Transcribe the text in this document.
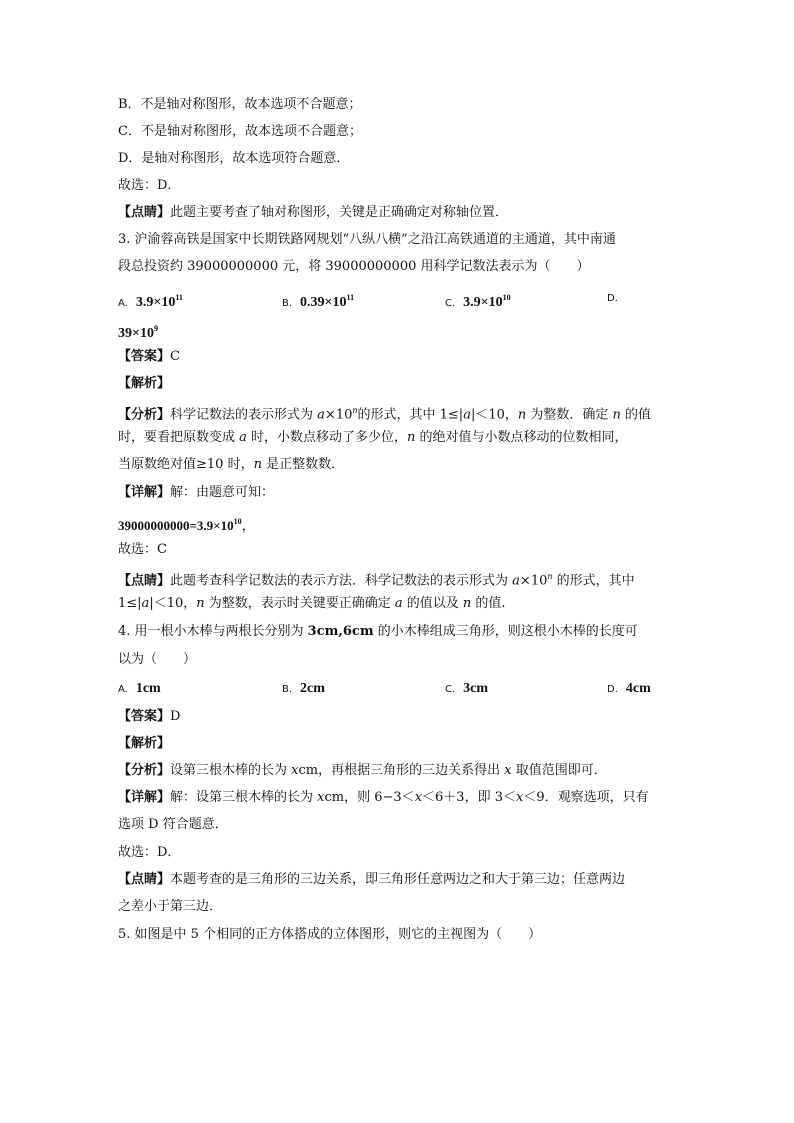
B．不是轴对称图形，故本选项不合题意；
C．不是轴对称图形，故本选项不合题意；
D．是轴对称图形，故本选项符合题意．
故选：D．
【点睛】此题主要考查了轴对称图形，关键是正确确定对称轴位置．
3. 沪渝蓉高铁是国家中长期铁路网规划“八纵八横”之沿江高铁通道的主通道，其中南通
段总投资约 39000000000 元，将 39000000000 用科学记数法表示为（　　）
A. $3.9\times 10^{11}$
B. $0.39\times 10^{11}$
C. $3.9\times 10^{10}$	D.
$39\times 10^9$
【答案】C
【解析】
【分析】科学记数法的表示形式为 $a\times 10^n$的形式，其中 1≤|a|＜10，n 为整数．确定 n 的值
时，要看把原数变成 a 时，小数点移动了多少位，n 的绝对值与小数点移动的位数相同，
当原数绝对值≥10 时，n 是正整数数．
【详解】解：由题意可知：
$39000000000=3.9\times 10^{10}$，
故选：C
【点睛】此题考查科学记数法的表示方法．科学记数法的表示形式为 $a\times 10^n$ 的形式，其中
1≤|a|＜10，n 为整数，表示时关键要正确确定 a 的值以及 n 的值.
4. 用一根小木棒与两根长分别为 3cm,6cm 的小木棒组成三角形，则这根小木棒的长度可
以为（　　）
A. 1cm	B. 2cm	C. 3cm	D. 4cm
【答案】D
【解析】
【分析】设第三根木棒的长为 xcm，再根据三角形的三边关系得出 x 取值范围即可．
【详解】解：设第三根木棒的长为 xcm，则 6−3＜x＜6＋3，即 3＜x＜9．观察选项，只有
选项 D 符合题意．
故选：D．
【点睛】本题考查的是三角形的三边关系，即三角形任意两边之和大于第三边；任意两边
之差小于第三边．
5. 如图是中 5 个相同的正方体搭成的立体图形，则它的主视图为（　　）
